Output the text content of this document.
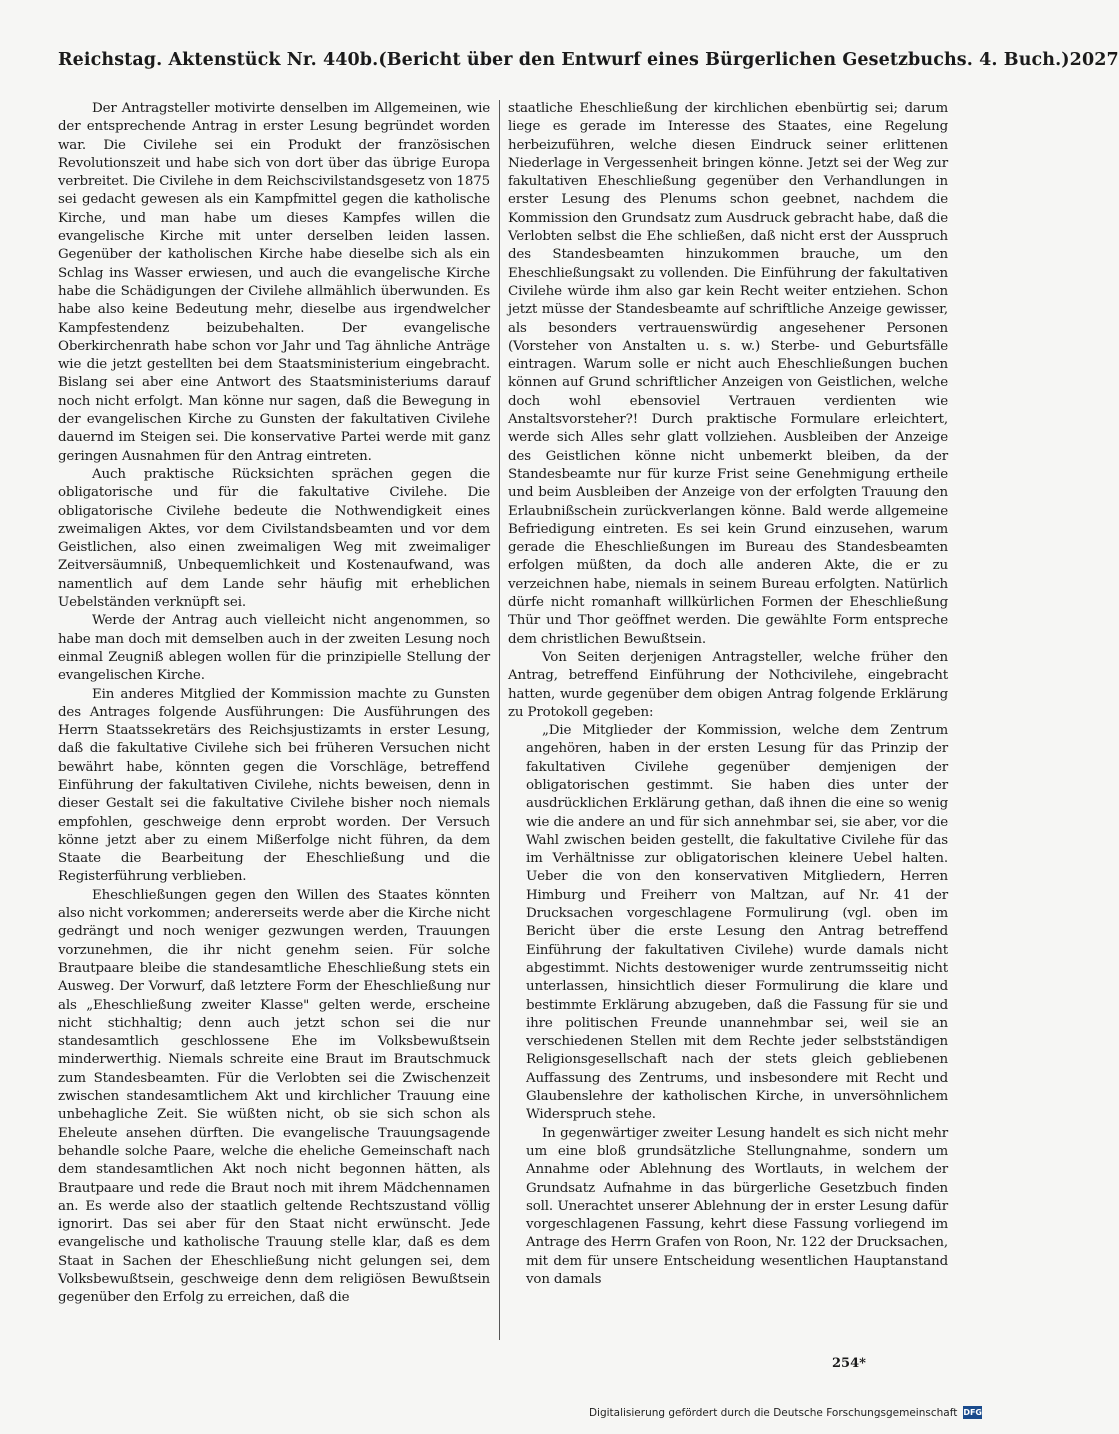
Reichstag. Aktenstück Nr. 440b. (Bericht über den Entwurf eines Bürgerlichen Gesetzbuchs. 4. Buch.) 2027

Der Antragsteller motivirte denselben im Allgemeinen, wie der entsprechende Antrag in erster Lesung begründet worden war. Die Civilehe sei ein Produkt der französischen Revolutionszeit und habe sich von dort über das übrige Europa verbreitet. Die Civilehe in dem Reichscivilstandsgesetz von 1875 sei gedacht gewesen als ein Kampfmittel gegen die katholische Kirche, und man habe um dieses Kampfes willen die evangelische Kirche mit unter derselben leiden lassen. Gegenüber der katholischen Kirche habe dieselbe sich als ein Schlag ins Wasser erwiesen, und auch die evangelische Kirche habe die Schädigungen der Civilehe allmählich überwunden. Es habe also keine Bedeutung mehr, dieselbe aus irgendwelcher Kampfestendenz beizubehalten. Der evangelische Oberkirchenrath habe schon vor Jahr und Tag ähnliche Anträge wie die jetzt gestellten bei dem Staatsministerium eingebracht. Bislang sei aber eine Antwort des Staatsministeriums darauf noch nicht erfolgt. Man könne nur sagen, daß die Bewegung in der evangelischen Kirche zu Gunsten der fakultativen Civilehe dauernd im Steigen sei. Die konservative Partei werde mit ganz geringen Ausnahmen für den Antrag eintreten.

Auch praktische Rücksichten sprächen gegen die obligatorische und für die fakultative Civilehe. Die obligatorische Civilehe bedeute die Nothwendigkeit eines zweimaligen Aktes, vor dem Civilstandsbeamten und vor dem Geistlichen, also einen zweimaligen Weg mit zweimaliger Zeitversäumniß, Unbequemlichkeit und Kostenaufwand, was namentlich auf dem Lande sehr häufig mit erheblichen Uebelständen verknüpft sei.

Werde der Antrag auch vielleicht nicht angenommen, so habe man doch mit demselben auch in der zweiten Lesung noch einmal Zeugniß ablegen wollen für die prinzipielle Stellung der evangelischen Kirche.

Ein anderes Mitglied der Kommission machte zu Gunsten des Antrages folgende Ausführungen: Die Ausführungen des Herrn Staatssekretärs des Reichsjustizamts in erster Lesung, daß die fakultative Civilehe sich bei früheren Versuchen nicht bewährt habe, könnten gegen die Vorschläge, betreffend Einführung der fakultativen Civilehe, nichts beweisen, denn in dieser Gestalt sei die fakultative Civilehe bisher noch niemals empfohlen, geschweige denn erprobt worden. Der Versuch könne jetzt aber zu einem Mißerfolge nicht führen, da dem Staate die Bearbeitung der Eheschließung und die Registerführung verblieben.

Eheschließungen gegen den Willen des Staates könnten also nicht vorkommen; andererseits werde aber die Kirche nicht gedrängt und noch weniger gezwungen werden, Trauungen vorzunehmen, die ihr nicht genehm seien. Für solche Brautpaare bleibe die standesamtliche Eheschließung stets ein Ausweg. Der Vorwurf, daß letztere Form der Eheschließung nur als „Eheschließung zweiter Klasse" gelten werde, erscheine nicht stichhaltig; denn auch jetzt schon sei die nur standesamtlich geschlossene Ehe im Volksbewußtsein minderwerthig. Niemals schreite eine Braut im Brautschmuck zum Standesbeamten. Für die Verlobten sei die Zwischenzeit zwischen standesamtlichem Akt und kirchlicher Trauung eine unbehagliche Zeit. Sie wüßten nicht, ob sie sich schon als Eheleute ansehen dürften. Die evangelische Trauungsagende behandle solche Paare, welche die eheliche Gemeinschaft nach dem standesamtlichen Akt noch nicht begonnen hätten, als Brautpaare und rede die Braut noch mit ihrem Mädchennamen an. Es werde also der staatlich geltende Rechtszustand völlig ignorirt. Das sei aber für den Staat nicht erwünscht. Jede evangelische und katholische Trauung stelle klar, daß es dem Staat in Sachen der Eheschließung nicht gelungen sei, dem Volksbewußtsein, geschweige denn dem religiösen Bewußtsein gegenüber den Erfolg zu erreichen, daß die

staatliche Eheschließung der kirchlichen ebenbürtig sei; darum liege es gerade im Interesse des Staates, eine Regelung herbeizuführen, welche diesen Eindruck seiner erlittenen Niederlage in Vergessenheit bringen könne. Jetzt sei der Weg zur fakultativen Eheschließung gegenüber den Verhandlungen in erster Lesung des Plenums schon geebnet, nachdem die Kommission den Grundsatz zum Ausdruck gebracht habe, daß die Verlobten selbst die Ehe schließen, daß nicht erst der Ausspruch des Standesbeamten hinzukommen brauche, um den Eheschließungsakt zu vollenden. Die Einführung der fakultativen Civilehe würde ihm also gar kein Recht weiter entziehen. Schon jetzt müsse der Standesbeamte auf schriftliche Anzeige gewisser, als besonders vertrauenswürdig angesehener Personen (Vorsteher von Anstalten u. s. w.) Sterbe- und Geburtsfälle eintragen. Warum solle er nicht auch Eheschließungen buchen können auf Grund schriftlicher Anzeigen von Geistlichen, welche doch wohl ebensoviel Vertrauen verdienten wie Anstaltsvorsteher?! Durch praktische Formulare erleichtert, werde sich Alles sehr glatt vollziehen. Ausbleiben der Anzeige des Geistlichen könne nicht unbemerkt bleiben, da der Standesbeamte nur für kurze Frist seine Genehmigung ertheile und beim Ausbleiben der Anzeige von der erfolgten Trauung den Erlaubnißschein zurückverlangen könne. Bald werde allgemeine Befriedigung eintreten. Es sei kein Grund einzusehen, warum gerade die Eheschließungen im Bureau des Standesbeamten erfolgen müßten, da doch alle anderen Akte, die er zu verzeichnen habe, niemals in seinem Bureau erfolgten. Natürlich dürfe nicht romanhaft willkürlichen Formen der Eheschließung Thür und Thor geöffnet werden. Die gewählte Form entspreche dem christlichen Bewußtsein.

Von Seiten derjenigen Antragsteller, welche früher den Antrag, betreffend Einführung der Nothcivilehe, eingebracht hatten, wurde gegenüber dem obigen Antrag folgende Erklärung zu Protokoll gegeben:

„Die Mitglieder der Kommission, welche dem Zentrum angehören, haben in der ersten Lesung für das Prinzip der fakultativen Civilehe gegenüber demjenigen der obligatorischen gestimmt. Sie haben dies unter der ausdrücklichen Erklärung gethan, daß ihnen die eine so wenig wie die andere an und für sich annehmbar sei, sie aber, vor die Wahl zwischen beiden gestellt, die fakultative Civilehe für das im Verhältnisse zur obligatorischen kleinere Uebel halten. Ueber die von den konservativen Mitgliedern, Herren Himburg und Freiherr von Maltzan, auf Nr. 41 der Drucksachen vorgeschlagene Formulirung (vgl. oben im Bericht über die erste Lesung den Antrag betreffend Einführung der fakultativen Civilehe) wurde damals nicht abgestimmt. Nichts destoweniger wurde zentrumsseitig nicht unterlassen, hinsichtlich dieser Formulirung die klare und bestimmte Erklärung abzugeben, daß die Fassung für sie und ihre politischen Freunde unannehmbar sei, weil sie an verschiedenen Stellen mit dem Rechte jeder selbstständigen Religionsgesellschaft nach der stets gleich gebliebenen Auffassung des Zentrums, und insbesondere mit Recht und Glaubenslehre der katholischen Kirche, in unversöhnlichem Widerspruch stehe.

In gegenwärtiger zweiter Lesung handelt es sich nicht mehr um eine bloß grundsätzliche Stellungnahme, sondern um Annahme oder Ablehnung des Wortlauts, in welchem der Grundsatz Aufnahme in das bürgerliche Gesetzbuch finden soll. Unerachtet unserer Ablehnung der in erster Lesung dafür vorgeschlagenen Fassung, kehrt diese Fassung vorliegend im Antrage des Herrn Grafen von Roon, Nr. 122 der Drucksachen, mit dem für unsere Entscheidung wesentlichen Hauptanstand von damals

254*
Digitalisierung gefördert durch die Deutsche Forschungsgemeinschaft DFG
